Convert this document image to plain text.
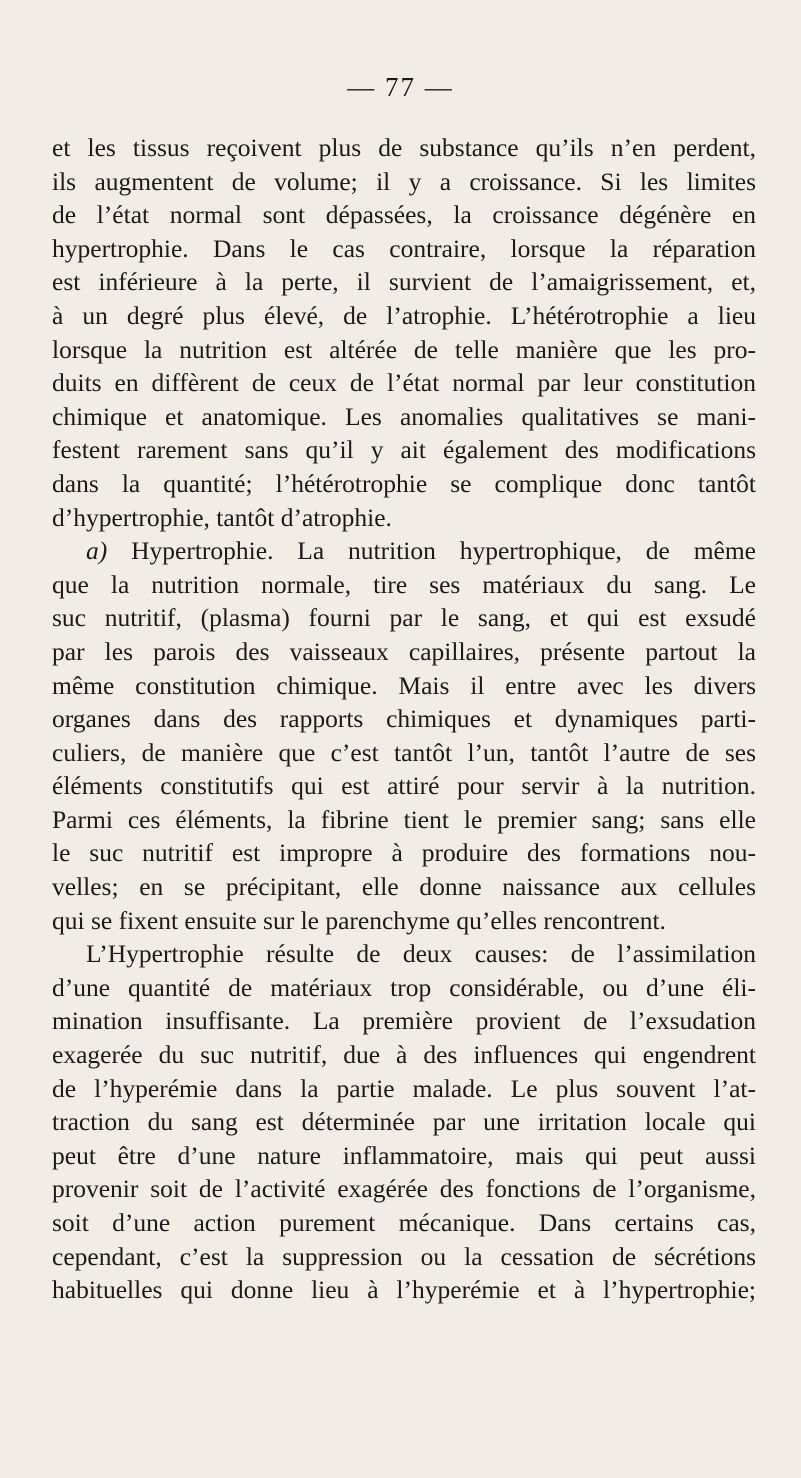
— 77 —
et les tissus reçoivent plus de substance qu’ils n’en perdent,
ils augmentent de volume; il y a croissance. Si les limites
de l’état normal sont dépassées, la croissance dégénère en
hypertrophie. Dans le cas contraire, lorsque la réparation
est inférieure à la perte, il survient de l’amaigrissement, et,
à un degré plus élevé, de l’atrophie. L’hétérotrophie a lieu
lorsque la nutrition est altérée de telle manière que les pro-
duits en diffèrent de ceux de l’état normal par leur constitution
chimique et anatomique. Les anomalies qualitatives se mani-
festent rarement sans qu’il y ait également des modifications
dans la quantité; l’hétérotrophie se complique donc tantôt
d’hypertrophie, tantôt d’atrophie.
a) Hypertrophie. La nutrition hypertrophique, de même
que la nutrition normale, tire ses matériaux du sang. Le
suc nutritif, (plasma) fourni par le sang, et qui est exsudé
par les parois des vaisseaux capillaires, présente partout la
même constitution chimique. Mais il entre avec les divers
organes dans des rapports chimiques et dynamiques parti-
culiers, de manière que c’est tantôt l’un, tantôt l’autre de ses
éléments constitutifs qui est attiré pour servir à la nutrition.
Parmi ces éléments, la fibrine tient le premier sang; sans elle
le suc nutritif est impropre à produire des formations nou-
velles; en se précipitant, elle donne naissance aux cellules
qui se fixent ensuite sur le parenchyme qu’elles rencontrent.
L’Hypertrophie résulte de deux causes: de l’assimilation
d’une quantité de matériaux trop considérable, ou d’une éli-
mination insuffisante. La première provient de l’exsudation
exagerée du suc nutritif, due à des influences qui engendrent
de l’hyperémie dans la partie malade. Le plus souvent l’at-
traction du sang est déterminée par une irritation locale qui
peut être d’une nature inflammatoire, mais qui peut aussi
provenir soit de l’activité exagérée des fonctions de l’organisme,
soit d’une action purement mécanique. Dans certains cas,
cependant, c’est la suppression ou la cessation de sécrétions
habituelles qui donne lieu à l’hyperémie et à l’hypertrophie;
